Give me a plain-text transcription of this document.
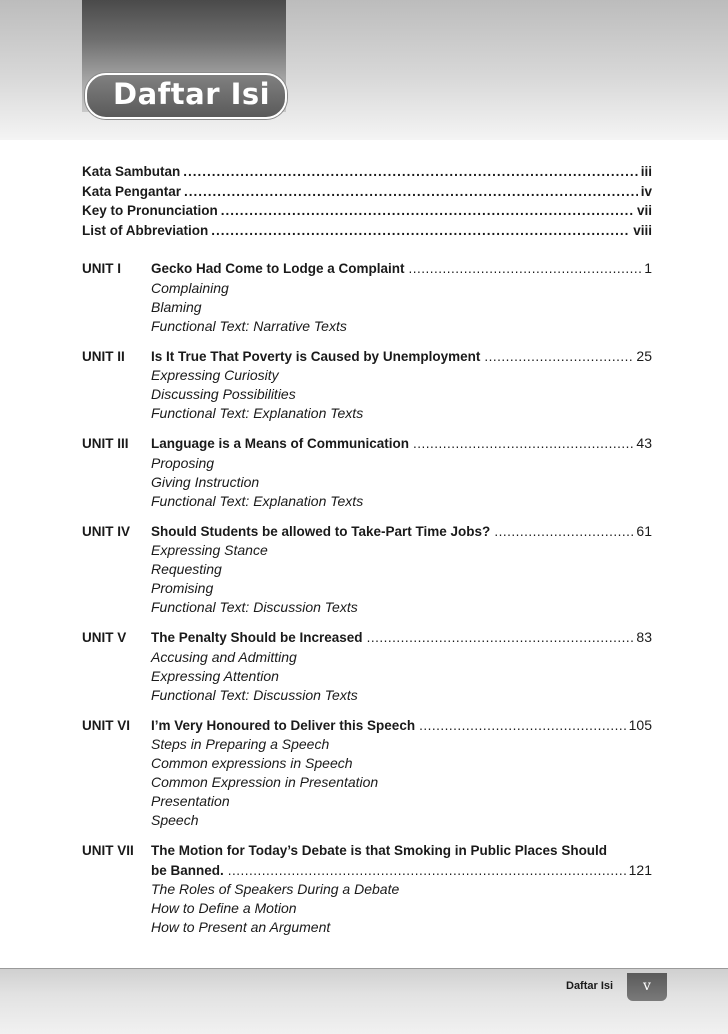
Daftar Isi
Kata Sambutan .....	iii
Kata Pengantar .....	iv
Key to Pronunciation .....	vii
List of Abbreviation .....	viii
UNIT I	Gecko Had Come to Lodge a Complaint .....	1
Complaining
Blaming
Functional Text: Narrative Texts
UNIT II	Is It True That Poverty is Caused by Unemployment .....	25
Expressing Curiosity
Discussing Possibilities
Functional Text: Explanation Texts
UNIT III	Language is a Means of Communication .....	43
Proposing
Giving Instruction
Functional Text: Explanation Texts
UNIT IV	Should Students be allowed to Take-Part Time Jobs? .....	61
Expressing Stance
Requesting
Promising
Functional Text: Discussion Texts
UNIT V	The Penalty Should be Increased .....	83
Accusing and Admitting
Expressing Attention
Functional Text: Discussion Texts
UNIT VI	I’m Very Honoured to Deliver this Speech .....	105
Steps in Preparing a Speech
Common expressions in Speech
Common Expression in Presentation
Presentation
Speech
UNIT VII	The Motion for Today’s Debate is that Smoking in Public Places Should
be Banned. .....	121
The Roles of Speakers During a Debate
How to Define a Motion
How to Present an Argument
Daftar Isi	v
